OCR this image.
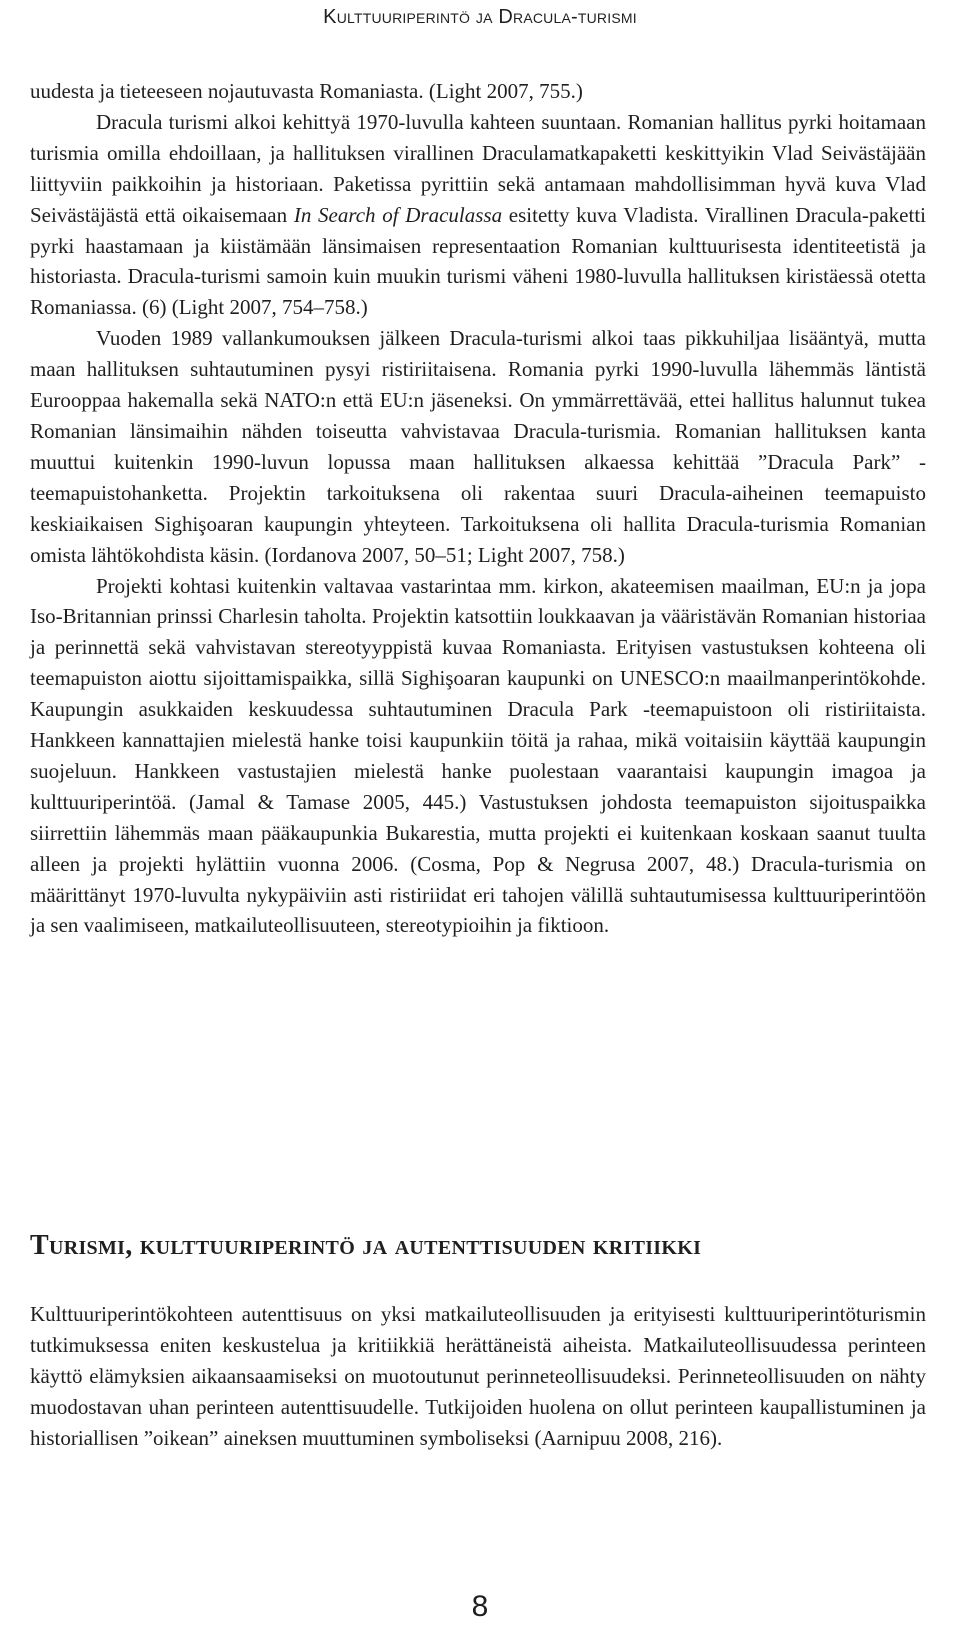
Kulttuuriperintö ja Dracula-turismi

uudesta ja tieteeseen nojautuvasta Romaniasta. (Light 2007, 755.)

Dracula turismi alkoi kehittyä 1970-luvulla kahteen suuntaan. Romanian hallitus pyrki hoitamaan turismia omilla ehdoillaan, ja hallituksen virallinen Draculamatkapaketti keskittyikin Vlad Seivästäjään liittyviin paikkoihin ja historiaan. Paketissa pyrittiin sekä antamaan mahdollisimman hyvä kuva Vlad Seivästäjästä että oikaisemaan In Search of Draculassa esitetty kuva Vladista. Virallinen Dracula-paketti pyrki haastamaan ja kiistämään länsimaisen representaation Romanian kulttuurisesta identiteetistä ja historiasta. Dracula-turismi samoin kuin muukin turismi väheni 1980-luvulla hallituksen kiristäessä otetta Romaniassa. (6) (Light 2007, 754–758.)

Vuoden 1989 vallankumouksen jälkeen Dracula-turismi alkoi taas pikkuhiljaa lisääntyä, mutta maan hallituksen suhtautuminen pysyi ristiriitaisena. Romania pyrki 1990-luvulla lähemmäs läntistä Eurooppaa hakemalla sekä NATO:n että EU:n jäseneksi. On ymmärrettävää, ettei hallitus halunnut tukea Romanian länsimaihin nähden toiseutta vahvistavaa Dracula-turismia. Romanian hallituksen kanta muuttui kuitenkin 1990-luvun lopussa maan hallituksen alkaessa kehittää ”Dracula Park” -teemapuistohanketta. Projektin tarkoituksena oli rakentaa suuri Dracula-aiheinen teemapuisto keskiaikaisen Sighişoaran kaupungin yhteyteen. Tarkoituksena oli hallita Dracula-turismia Romanian omista lähtökohdista käsin. (Iordanova 2007, 50–51; Light 2007, 758.)

Projekti kohtasi kuitenkin valtavaa vastarintaa mm. kirkon, akateemisen maailman, EU:n ja jopa Iso-Britannian prinssi Charlesin taholta. Projektin katsottiin loukkaavan ja vääristävän Romanian historiaa ja perinnettä sekä vahvistavan stereotyyppistä kuvaa Romaniasta. Erityisen vastustuksen kohteena oli teemapuiston aiottu sijoittamispaikka, sillä Sighişoaran kaupunki on UNESCO:n maailmanperintökohde. Kaupungin asukkaiden keskuudessa suhtautuminen Dracula Park -teemapuistoon oli ristiriitaista. Hankkeen kannattajien mielestä hanke toisi kaupunkiin töitä ja rahaa, mikä voitaisiin käyttää kaupungin suojeluun. Hankkeen vastustajien mielestä hanke puolestaan vaarantaisi kaupungin imagoa ja kulttuuriperintöä. (Jamal & Tamase 2005, 445.) Vastustuksen johdosta teemapuiston sijoituspaikka siirrettiin lähemmäs maan pääkaupunkia Bukarestia, mutta projekti ei kuitenkaan koskaan saanut tuulta alleen ja projekti hylättiin vuonna 2006. (Cosma, Pop & Negrusa 2007, 48.) Dracula-turismia on määrittänyt 1970-luvulta nykypäiviin asti ristiriidat eri tahojen välillä suhtautumisessa kulttuuriperintöön ja sen vaalimiseen, matkailuteollisuuteen, stereotypioihin ja fiktioon.

Turismi, kulttuuriperintö ja autenttisuuden kritiikki

Kulttuuriperintökohteen autenttisuus on yksi matkailuteollisuuden ja erityisesti kulttuuriperintöturismin tutkimuksessa eniten keskustelua ja kritiikkiä herättäneistä aiheista. Matkailuteollisuudessa perinteen käyttö elämyksien aikaansaamiseksi on muotoutunut perinneteollisuudeksi. Perinneteollisuuden on nähty muodostavan uhan perinteen autenttisuudelle. Tutkijoiden huolena on ollut perinteen kaupallistuminen ja historiallisen ”oikean” aineksen muuttuminen symboliseksi (Aarnipuu 2008, 216).

8
